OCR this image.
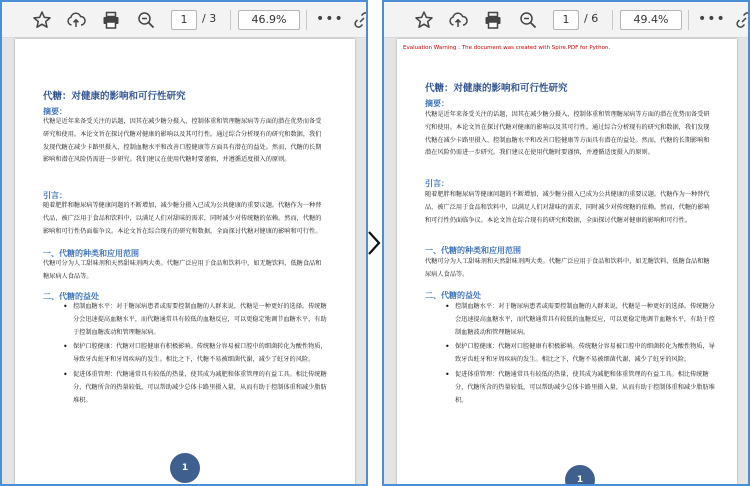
1	/ 3	46.9%	•••
代糖：对健康的影响和可行性研究
摘要：
代糖是近年来备受关注的话题，因其在减少糖分摄入、控制体重和管理糖尿病等方面的潜在优势而备受研究和使用。本论文旨在探讨代糖对健康的影响以及其可行性。通过综合分析现有的研究和数据，我们发现代糖在减少卡路里摄入、控制血糖水平和改善口腔健康等方面具有潜在的益处。然而，代糖的长期影响和潜在风险仍需进一步研究。我们建议在使用代糖时要谨慎，并遵循适度摄入的原则。
引言：
随着肥胖和糖尿病等健康问题的不断增加，减少糖分摄入已成为公共健康的重要议题。代糖作为一种替代品，被广泛用于食品和饮料中，以满足人们对甜味的需求，同时减少对传统糖的依赖。然而，代糖的影响和可行性仍面临争议。本论文旨在综合现有的研究和数据，全面探讨代糖对健康的影响和可行性。
一、代糖的种类和应用范围
代糖可分为人工甜味剂和天然甜味剂两大类。代糖广泛应用于食品和饮料中，如无糖饮料、低糖食品和糖尿病人食品等。
二、代糖的益处
• 控制血糖水平：对于糖尿病患者或需要控制血糖的人群来说，代糖是一种更好的选择。传统糖分会迅速提高血糖水平，而代糖通常具有较低的血糖反应，可以更稳定地调节血糖水平，有助于控制血糖波动和管理糖尿病。
• 保护口腔健康：代糖对口腔健康有积极影响。传统糖分容易被口腔中的细菌转化为酸性物质，导致牙齿蛀牙和牙周疾病的发生。相比之下，代糖不易被细菌代谢，减少了蛀牙的风险。
• 促进体重管理：代糖通常具有较低的热量，使其成为减肥和体重管理的有益工具。相比传统糖分，代糖所含的热量较低，可以帮助减少总体卡路里摄入量，从而有助于控制体重和减少脂肪堆积。
1
1	/ 6	49.4%	•••
Evaluation Warning : The document was created with Spire.PDF for Python.
代糖：对健康的影响和可行性研究
摘要：
代糖是近年来备受关注的话题，因其在减少糖分摄入、控制体重和管理糖尿病等方面的潜在优势而备受研究和使用。本论文旨在探讨代糖对健康的影响以及其可行性。通过综合分析现有的研究和数据，我们发现代糖在减少卡路里摄入、控制血糖水平和改善口腔健康等方面具有潜在的益处。然而，代糖的长期影响和潜在风险仍需进一步研究。我们建议在使用代糖时要谨慎，并遵循适度摄入的原则。
引言：
随着肥胖和糖尿病等健康问题的不断增加，减少糖分摄入已成为公共健康的重要议题。代糖作为一种替代品，被广泛用于食品和饮料中，以满足人们对甜味的需求，同时减少对传统糖的依赖。然而，代糖的影响和可行性仍面临争议。本论文旨在综合现有的研究和数据，全面探讨代糖对健康的影响和可行性。
一、代糖的种类和应用范围
代糖可分为人工甜味剂和天然甜味剂两大类。代糖广泛应用于食品和饮料中，如无糖饮料、低糖食品和糖尿病人食品等。
二、代糖的益处
• 控制血糖水平：对于糖尿病患者或需要控制血糖的人群来说，代糖是一种更好的选择。传统糖分会迅速提高血糖水平，而代糖通常具有较低的血糖反应，可以更稳定地调节血糖水平，有助于控制血糖波动和管理糖尿病。
• 保护口腔健康：代糖对口腔健康有积极影响。传统糖分容易被口腔中的细菌转化为酸性物质，导致牙齿蛀牙和牙周疾病的发生。相比之下，代糖不易被细菌代谢，减少了蛀牙的风险。
• 促进体重管理：代糖通常具有较低的热量，使其成为减肥和体重管理的有益工具。相比传统糖分，代糖所含的热量较低，可以帮助减少总体卡路里摄入量，从而有助于控制体重和减少脂肪堆积。
1
